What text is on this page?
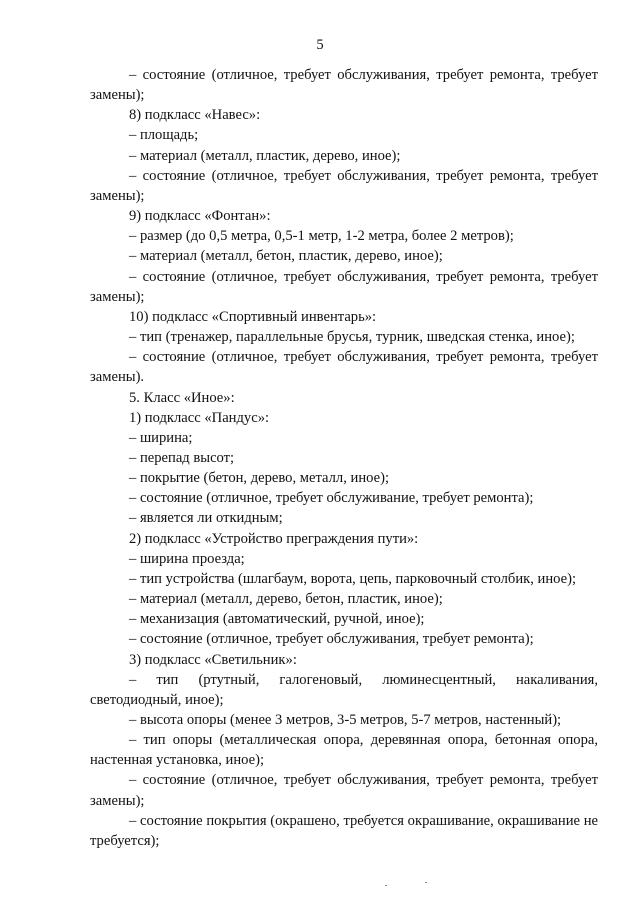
5

– состояние (отличное, требует обслуживания, требует ремонта, требует замены);

8) подкласс «Навес»:

– площадь;

– материал (металл, пластик, дерево, иное);

– состояние (отличное, требует обслуживания, требует ремонта, требует замены);

9) подкласс «Фонтан»:

– размер (до 0,5 метра, 0,5-1 метр, 1-2 метра, более 2 метров);

– материал (металл, бетон, пластик, дерево, иное);

– состояние (отличное, требует обслуживания, требует ремонта, требует замены);

10) подкласс «Спортивный инвентарь»:

– тип (тренажер, параллельные брусья, турник, шведская стенка, иное);

– состояние (отличное, требует обслуживания, требует ремонта, требует замены).

5. Класс «Иное»:

1) подкласс «Пандус»:

– ширина;

– перепад высот;

– покрытие (бетон, дерево, металл, иное);

– состояние (отличное, требует обслуживание, требует ремонта);

– является ли откидным;

2) подкласс «Устройство преграждения пути»:

– ширина проезда;

– тип устройства (шлагбаум, ворота, цепь, парковочный столбик, иное);

– материал (металл, дерево, бетон, пластик, иное);

– механизация (автоматический, ручной, иное);

– состояние (отличное, требует обслуживания, требует ремонта);

3) подкласс «Светильник»:

– тип (ртутный, галогеновый, люминесцентный, накаливания, светодиодный, иное);

– высота опоры (менее 3 метров, 3-5 метров, 5-7 метров, настенный);

– тип опоры (металлическая опора, деревянная опора, бетонная опора, настенная установка, иное);

– состояние (отличное, требует обслуживания, требует ремонта, требует замены);

– состояние покрытия (окрашено, требуется окрашивание, окрашивание не требуется);
